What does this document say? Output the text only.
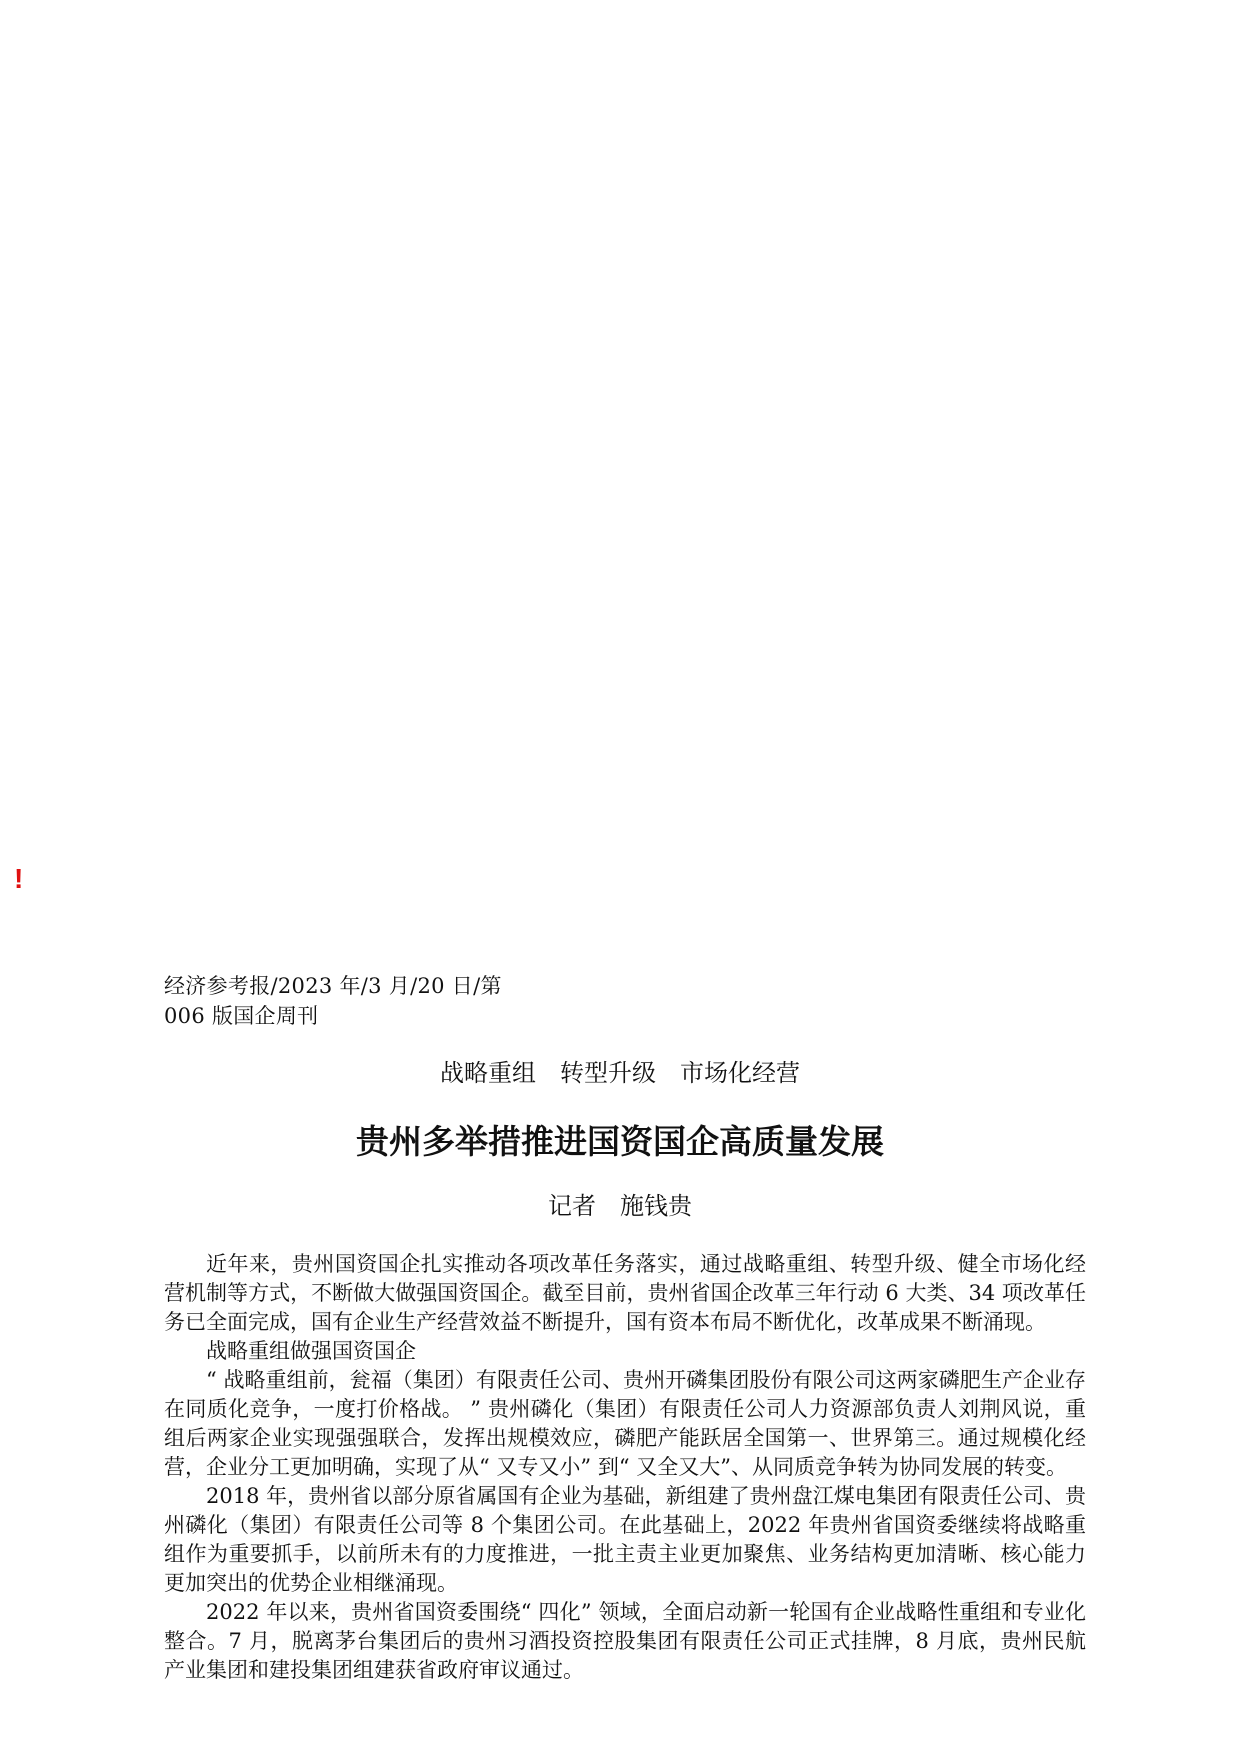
!
经济参考报/2023 年/3 月/20 日/第 006 版国企周刊
战略重组　转型升级　市场化经营
贵州多举措推进国资国企高质量发展
记者　施钱贵

近年来，贵州国资国企扎实推动各项改革任务落实，通过战略重组、转型升级、健全市场化经营机制等方式，不断做大做强国资国企。截至目前，贵州省国企改革三年行动 6 大类、34 项改革任务已全面完成，国有企业生产经营效益不断提升，国有资本布局不断优化，改革成果不断涌现。

战略重组做强国资国企

“ 战略重组前，瓮福（集团）有限责任公司、贵州开磷集团股份有限公司这两家磷肥生产企业存在同质化竞争，一度打价格战。 ” 贵州磷化（集团）有限责任公司人力资源部负责人刘荆风说，重组后两家企业实现强强联合，发挥出规模效应，磷肥产能跃居全国第一、世界第三。通过规模化经营，企业分工更加明确，实现了从“ 又专又小” 到“ 又全又大”、从同质竞争转为协同发展的转变。

2018 年，贵州省以部分原省属国有企业为基础，新组建了贵州盘江煤电集团有限责任公司、贵州磷化（集团）有限责任公司等 8 个集团公司。在此基础上，2022 年贵州省国资委继续将战略重组作为重要抓手，以前所未有的力度推进，一批主责主业更加聚焦、业务结构更加清晰、核心能力更加突出的优势企业相继涌现。

2022 年以来，贵州省国资委围绕“ 四化” 领域，全面启动新一轮国有企业战略性重组和专业化整合。7 月，脱离茅台集团后的贵州习酒投资控股集团有限责任公司正式挂牌，8 月底，贵州民航产业集团和建投集团组建获省政府审议通过。
